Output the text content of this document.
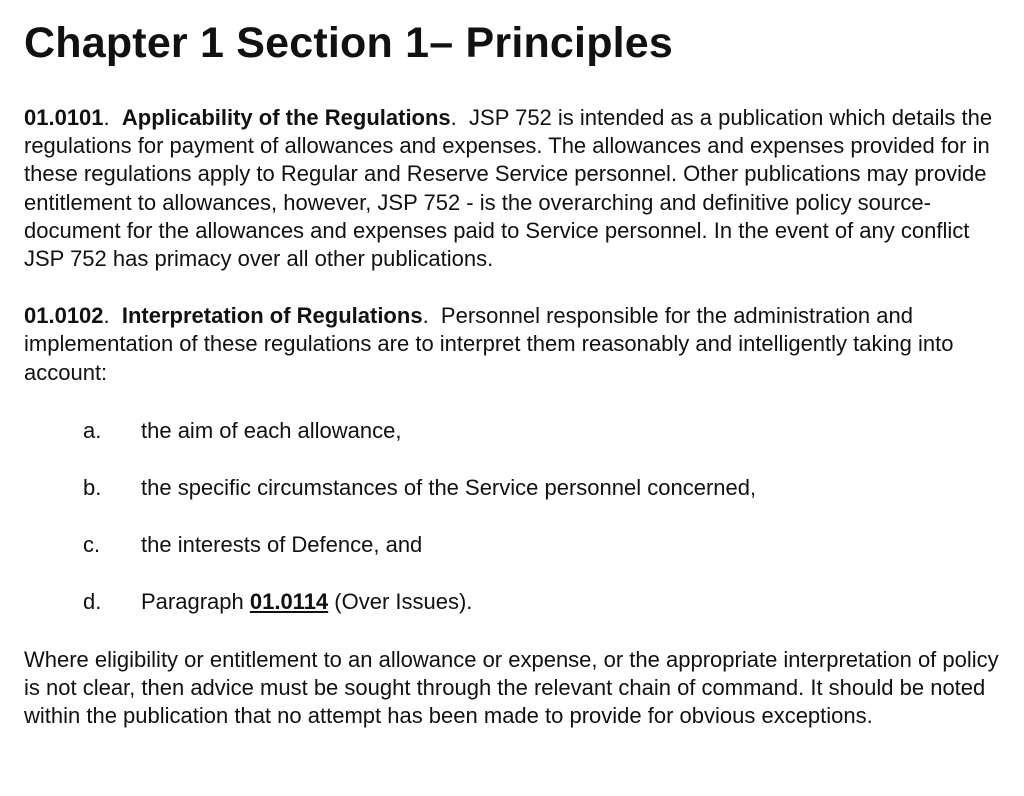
Chapter 1 Section 1– Principles

01.0101.  Applicability of the Regulations.  JSP 752 is intended as a publication which details the regulations for payment of allowances and expenses. The allowances and expenses provided for in these regulations apply to Regular and Reserve Service personnel. Other publications may provide entitlement to allowances, however, JSP 752 - is the overarching and definitive policy source-document for the allowances and expenses paid to Service personnel. In the event of any conflict JSP 752 has primacy over all other publications.

01.0102.  Interpretation of Regulations.  Personnel responsible for the administration and implementation of these regulations are to interpret them reasonably and intelligently taking into account:

a.	the aim of each allowance,
b.	the specific circumstances of the Service personnel concerned,
c.	the interests of Defence, and
d.	Paragraph 01.0114 (Over Issues).

Where eligibility or entitlement to an allowance or expense, or the appropriate interpretation of policy is not clear, then advice must be sought through the relevant chain of command. It should be noted within the publication that no attempt has been made to provide for obvious exceptions.
